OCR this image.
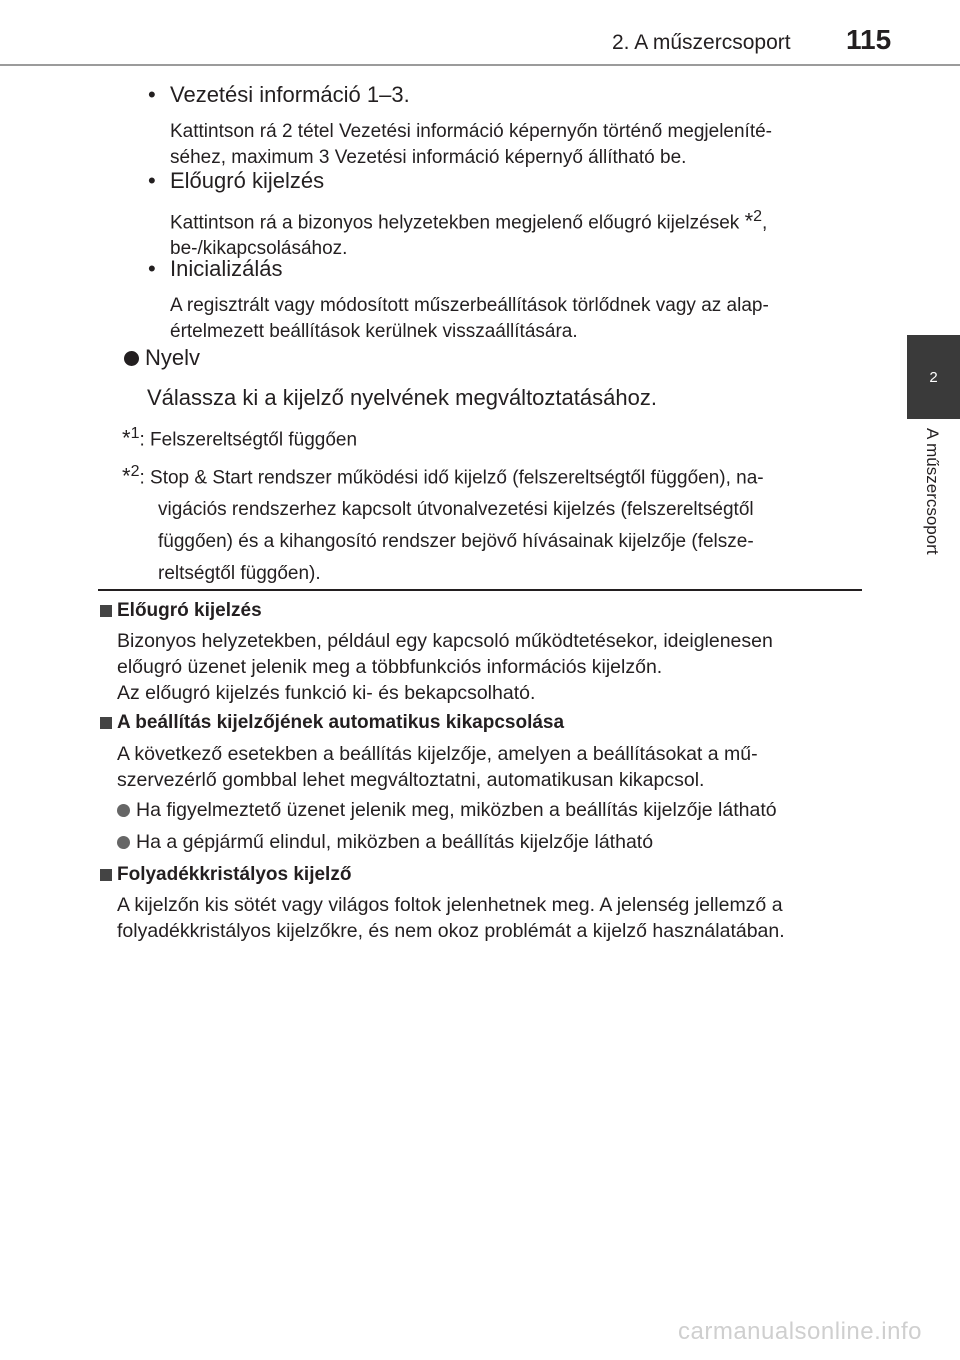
2. A műszercsoport 115
2
A műszercsoport
• Vezetési információ 1–3.
Kattintson rá 2 tétel Vezetési információ képernyőn történő megjeleníté-
séhez, maximum 3 Vezetési információ képernyő állítható be.
• Előugró kijelzés
Kattintson rá a bizonyos helyzetekben megjelenő előugró kijelzések *$^2$,
be-/kikapcsolásához.
• Inicializálás
A regisztrált vagy módosított műszerbeállítások törlődnek vagy az alap-
értelmezett beállítások kerülnek visszaállítására.
Nyelv
Válassza ki a kijelző nyelvének megváltoztatásához.
*$^1$: Felszereltségtől függően
*$^2$: Stop & Start rendszer működési idő kijelző (felszereltségtől függően), na-
vigációs rendszerhez kapcsolt útvonalvezetési kijelzés (felszereltségtől
függően) és a kihangosító rendszer bejövő hívásainak kijelzője (felsze-
reltségtől függően).
Előugró kijelzés
Bizonyos helyzetekben, például egy kapcsoló működtetésekor, ideiglenesen
előugró üzenet jelenik meg a többfunkciós információs kijelzőn.
Az előugró kijelzés funkció ki- és bekapcsolható.
A beállítás kijelzőjének automatikus kikapcsolása
A következő esetekben a beállítás kijelzője, amelyen a beállításokat a mű-
szervezérlő gombbal lehet megváltoztatni, automatikusan kikapcsol.
Ha figyelmeztető üzenet jelenik meg, miközben a beállítás kijelzője látható
Ha a gépjármű elindul, miközben a beállítás kijelzője látható
Folyadékkristályos kijelző
A kijelzőn kis sötét vagy világos foltok jelenhetnek meg. A jelenség jellemző a
folyadékkristályos kijelzőkre, és nem okoz problémát a kijelző használatában.
carmanualsonline.info
